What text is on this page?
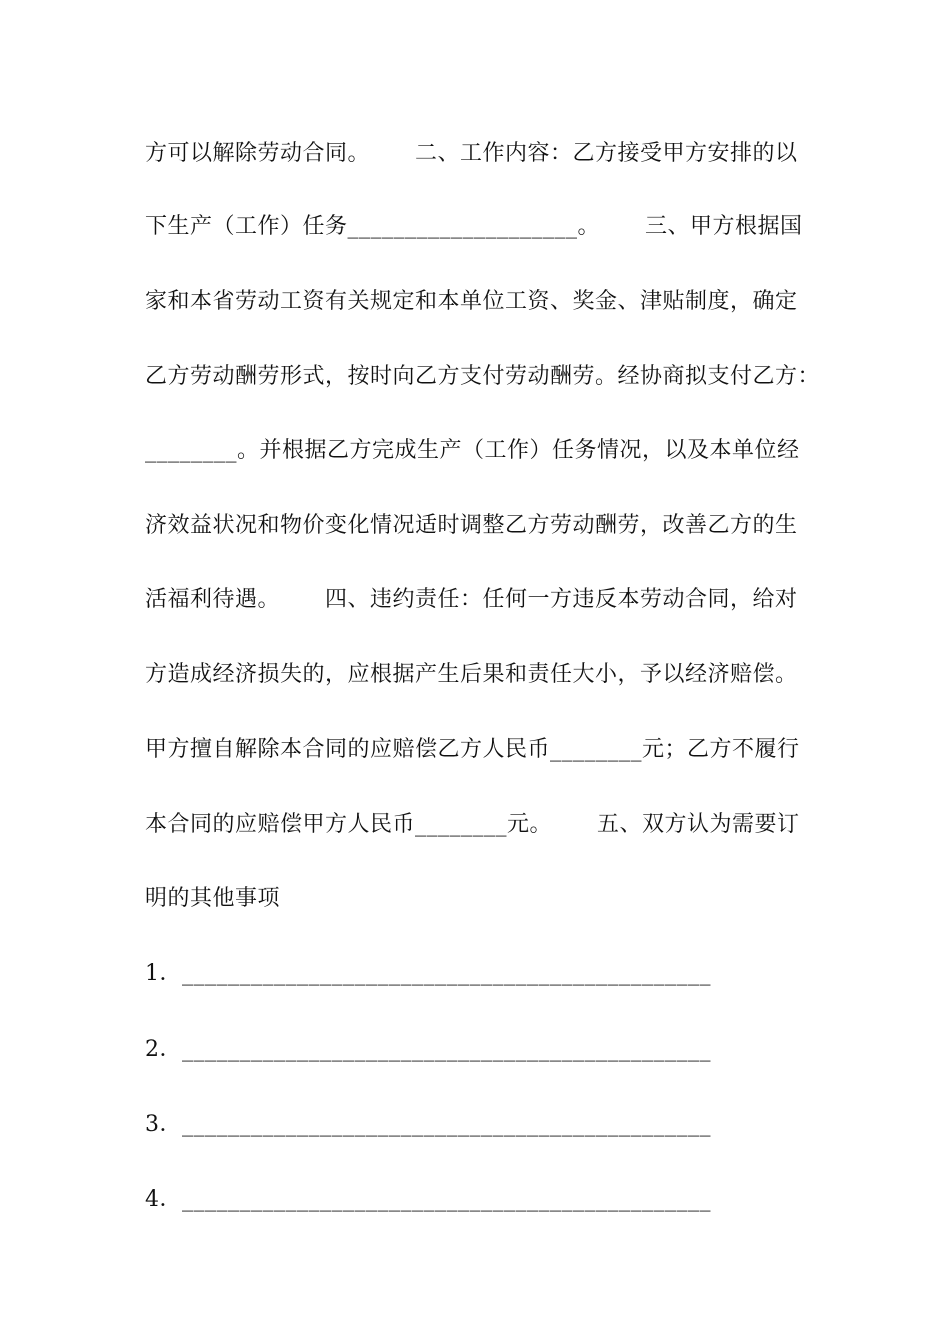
方可以解除劳动合同。      二、工作内容：乙方接受甲方安排的以
下生产（工作）任务____________________。      三、甲方根据国
家和本省劳动工资有关规定和本单位工资、奖金、津贴制度，确定
乙方劳动酬劳形式，按时向乙方支付劳动酬劳。经协商拟支付乙方：
________。并根据乙方完成生产（工作）任务情况，以及本单位经
济效益状况和物价变化情况适时调整乙方劳动酬劳，改善乙方的生
活福利待遇。      四、违约责任：任何一方违反本劳动合同，给对
方造成经济损失的，应根据产生后果和责任大小，予以经济赔偿。
甲方擅自解除本合同的应赔偿乙方人民币________元；乙方不履行
本合同的应赔偿甲方人民币________元。      五、双方认为需要订
明的其他事项
1．______________________________________________
2．______________________________________________
3．______________________________________________
4．______________________________________________
